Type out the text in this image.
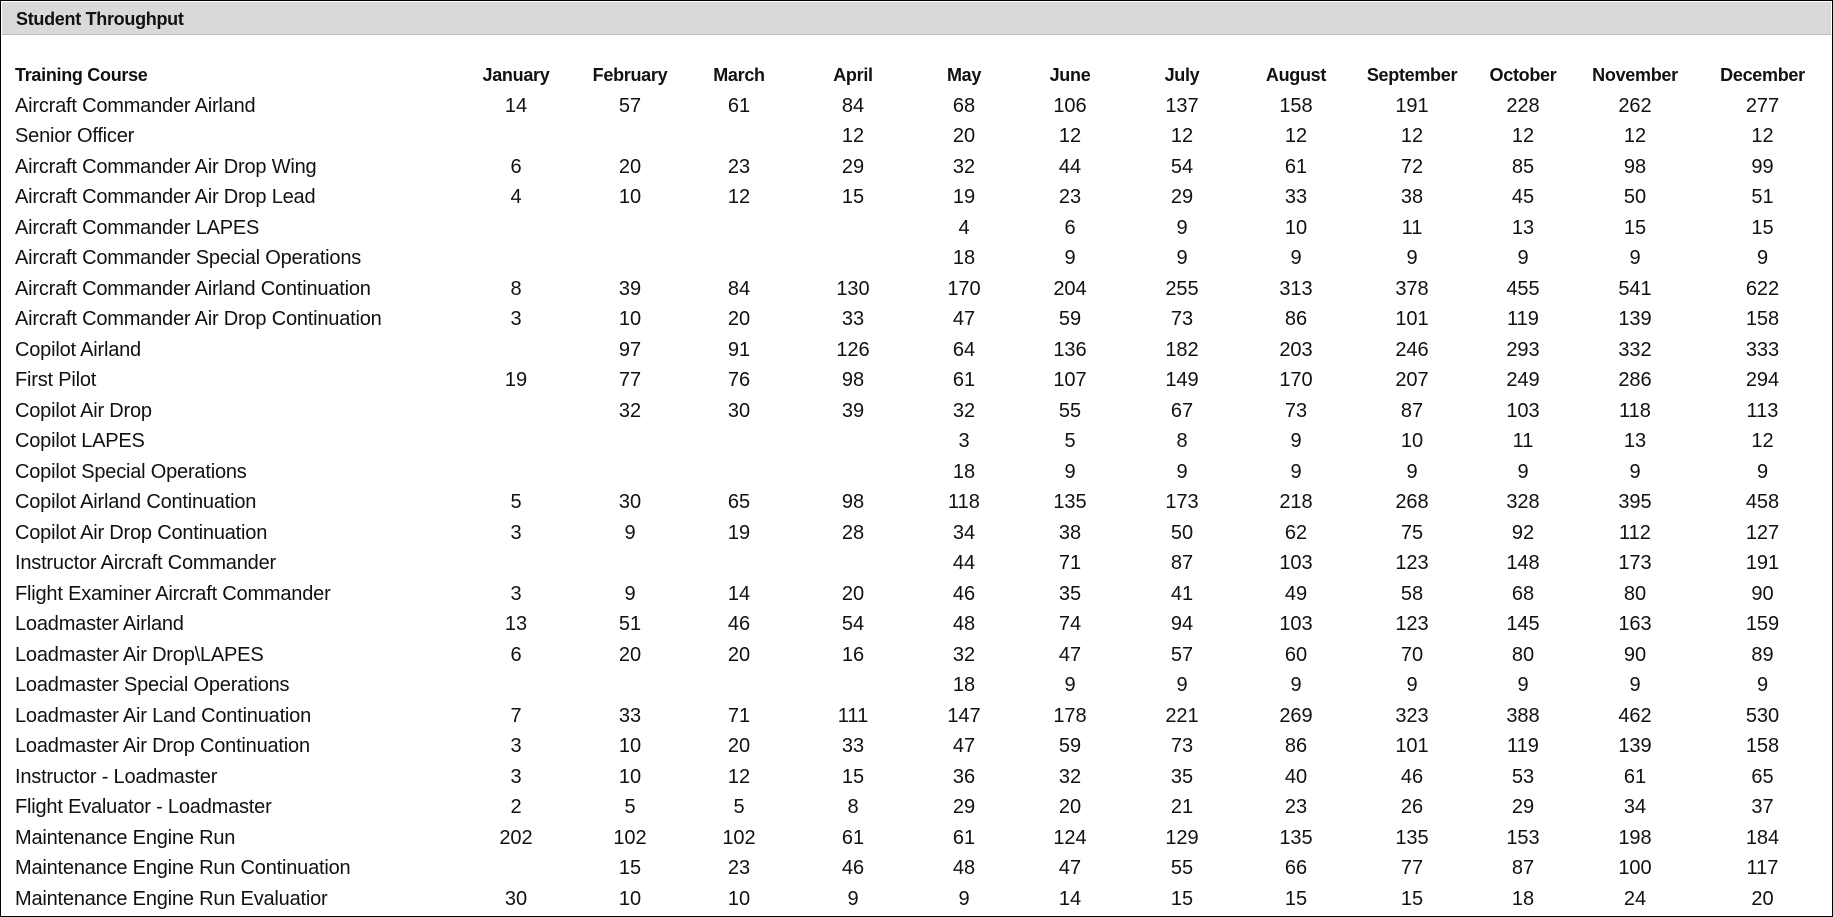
Student Throughput
Training Course	January	February	March	April	May	June	July	August	September	October	November	December
Aircraft Commander Airland	14	57	61	84	68	106	137	158	191	228	262	277
Senior Officer				12	20	12	12	12	12	12	12	12
Aircraft Commander Air Drop Wing	6	20	23	29	32	44	54	61	72	85	98	99
Aircraft Commander Air Drop Lead	4	10	12	15	19	23	29	33	38	45	50	51
Aircraft Commander LAPES					4	6	9	10	11	13	15	15
Aircraft Commander Special Operations					18	9	9	9	9	9	9	9
Aircraft Commander Airland Continuation	8	39	84	130	170	204	255	313	378	455	541	622
Aircraft Commander Air Drop Continuation	3	10	20	33	47	59	73	86	101	119	139	158
Copilot Airland		97	91	126	64	136	182	203	246	293	332	333
First Pilot	19	77	76	98	61	107	149	170	207	249	286	294
Copilot Air Drop		32	30	39	32	55	67	73	87	103	118	113
Copilot LAPES					3	5	8	9	10	11	13	12
Copilot Special Operations					18	9	9	9	9	9	9	9
Copilot Airland Continuation	5	30	65	98	118	135	173	218	268	328	395	458
Copilot Air Drop Continuation	3	9	19	28	34	38	50	62	75	92	112	127
Instructor Aircraft Commander					44	71	87	103	123	148	173	191
Flight Examiner Aircraft Commander	3	9	14	20	46	35	41	49	58	68	80	90
Loadmaster Airland	13	51	46	54	48	74	94	103	123	145	163	159
Loadmaster Air Drop\LAPES	6	20	20	16	32	47	57	60	70	80	90	89
Loadmaster Special Operations					18	9	9	9	9	9	9	9
Loadmaster Air Land Continuation	7	33	71	111	147	178	221	269	323	388	462	530
Loadmaster Air Drop Continuation	3	10	20	33	47	59	73	86	101	119	139	158
Instructor - Loadmaster	3	10	12	15	36	32	35	40	46	53	61	65
Flight Evaluator - Loadmaster	2	5	5	8	29	20	21	23	26	29	34	37
Maintenance Engine Run	202	102	102	61	61	124	129	135	135	153	198	184
Maintenance Engine Run Continuation		15	23	46	48	47	55	66	77	87	100	117
Maintenance Engine Run Evaluatior	30	10	10	9	9	14	15	15	15	18	24	20
